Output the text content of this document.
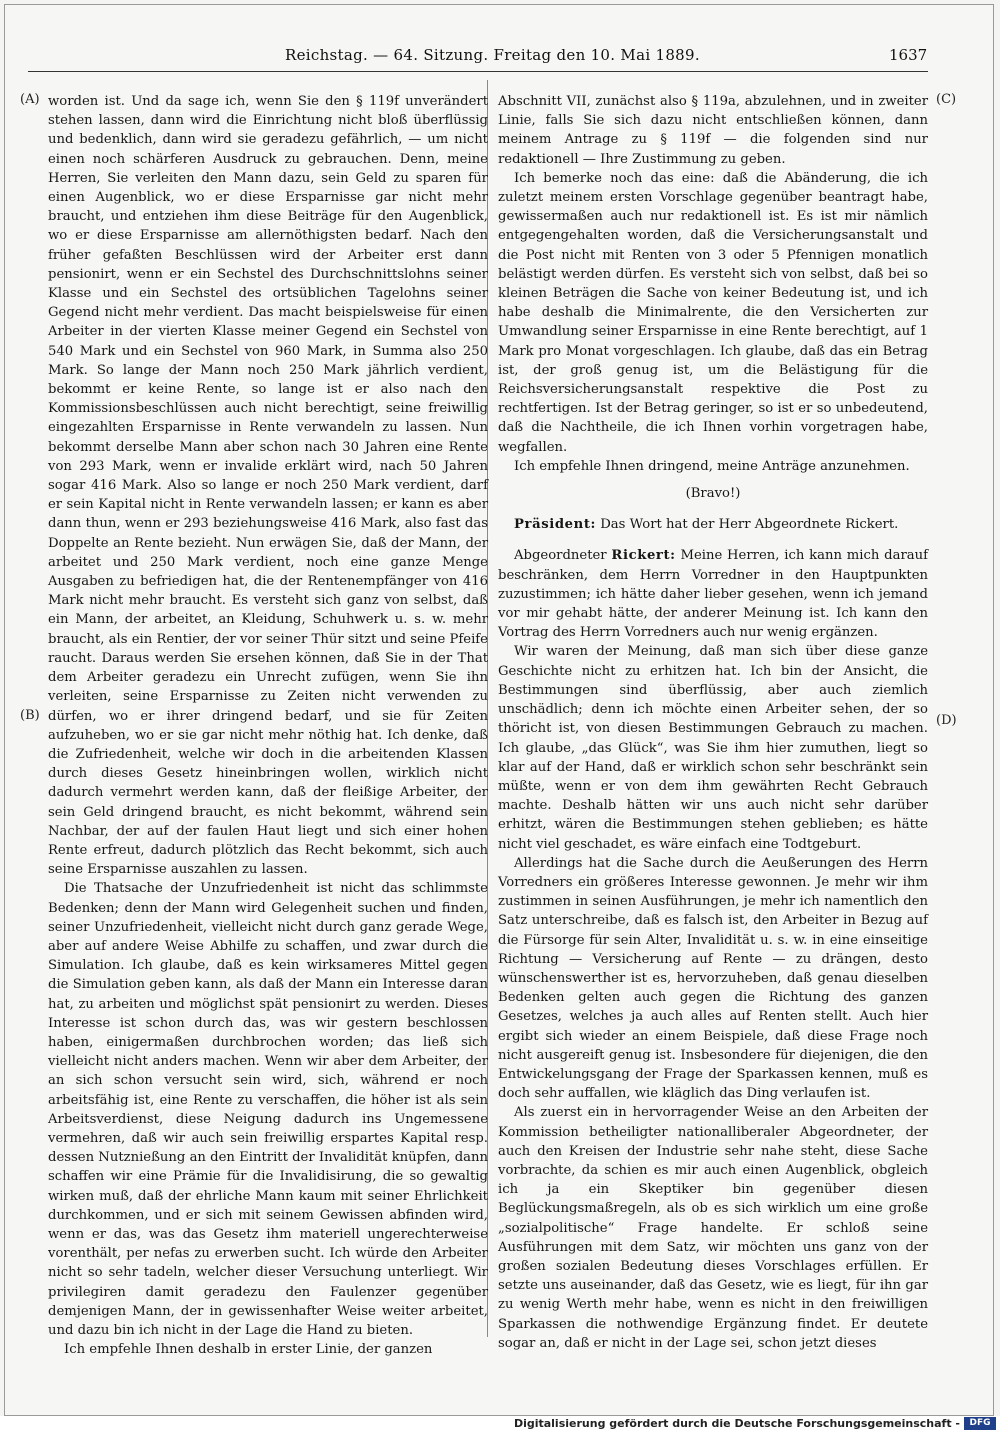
Reichstag. — 64. Sitzung. Freitag den 10. Mai 1889.	1637
(A)
(B)
(C)
(D)

worden ist. Und da sage ich, wenn Sie den § 119f unverändert stehen lassen, dann wird die Einrichtung nicht bloß überflüssig und bedenklich, dann wird sie geradezu gefährlich, — um nicht einen noch schärferen Ausdruck zu gebrauchen. Denn, meine Herren, Sie verleiten den Mann dazu, sein Geld zu sparen für einen Augenblick, wo er diese Ersparnisse gar nicht mehr braucht, und entziehen ihm diese Beiträge für den Augenblick, wo er diese Ersparnisse am allernöthigsten bedarf. Nach den früher gefaßten Beschlüssen wird der Arbeiter erst dann pensionirt, wenn er ein Sechstel des Durchschnittslohns seiner Klasse und ein Sechstel des ortsüblichen Tagelohns seiner Gegend nicht mehr verdient. Das macht beispielsweise für einen Arbeiter in der vierten Klasse meiner Gegend ein Sechstel von 540 Mark und ein Sechstel von 960 Mark, in Summa also 250 Mark. So lange der Mann noch 250 Mark jährlich verdient, bekommt er keine Rente, so lange ist er also nach den Kommissionsbeschlüssen auch nicht berechtigt, seine freiwillig eingezahlten Ersparnisse in Rente verwandeln zu lassen. Nun bekommt derselbe Mann aber schon nach 30 Jahren eine Rente von 293 Mark, wenn er invalide erklärt wird, nach 50 Jahren sogar 416 Mark. Also so lange er noch 250 Mark verdient, darf er sein Kapital nicht in Rente verwandeln lassen; er kann es aber dann thun, wenn er 293 beziehungsweise 416 Mark, also fast das Doppelte an Rente bezieht. Nun erwägen Sie, daß der Mann, der arbeitet und 250 Mark verdient, noch eine ganze Menge Ausgaben zu befriedigen hat, die der Rentenempfänger von 416 Mark nicht mehr braucht. Es versteht sich ganz von selbst, daß ein Mann, der arbeitet, an Kleidung, Schuhwerk u. s. w. mehr braucht, als ein Rentier, der vor seiner Thür sitzt und seine Pfeife raucht. Daraus werden Sie ersehen können, daß Sie in der That dem Arbeiter geradezu ein Unrecht zufügen, wenn Sie ihn verleiten, seine Ersparnisse zu Zeiten nicht verwenden zu dürfen, wo er ihrer dringend bedarf, und sie für Zeiten aufzuheben, wo er sie gar nicht mehr nöthig hat. Ich denke, daß die Zufriedenheit, welche wir doch in die arbeitenden Klassen durch dieses Gesetz hineinbringen wollen, wirklich nicht dadurch vermehrt werden kann, daß der fleißige Arbeiter, der sein Geld dringend braucht, es nicht bekommt, während sein Nachbar, der auf der faulen Haut liegt und sich einer hohen Rente erfreut, dadurch plötzlich das Recht bekommt, sich auch seine Ersparnisse auszahlen zu lassen.

Die Thatsache der Unzufriedenheit ist nicht das schlimmste Bedenken; denn der Mann wird Gelegenheit suchen und finden, seiner Unzufriedenheit, vielleicht nicht durch ganz gerade Wege, aber auf andere Weise Abhilfe zu schaffen, und zwar durch die Simulation. Ich glaube, daß es kein wirksameres Mittel gegen die Simulation geben kann, als daß der Mann ein Interesse daran hat, zu arbeiten und möglichst spät pensionirt zu werden. Dieses Interesse ist schon durch das, was wir gestern beschlossen haben, einigermaßen durchbrochen worden; das ließ sich vielleicht nicht anders machen. Wenn wir aber dem Arbeiter, der an sich schon versucht sein wird, sich, während er noch arbeitsfähig ist, eine Rente zu verschaffen, die höher ist als sein Arbeitsverdienst, diese Neigung dadurch ins Ungemessene vermehren, daß wir auch sein freiwillig erspartes Kapital resp. dessen Nutznießung an den Eintritt der Invalidität knüpfen, dann schaffen wir eine Prämie für die Invalidisirung, die so gewaltig wirken muß, daß der ehrliche Mann kaum mit seiner Ehrlichkeit durchkommen, und er sich mit seinem Gewissen abfinden wird, wenn er das, was das Gesetz ihm materiell ungerechterweise vorenthält, per nefas zu erwerben sucht. Ich würde den Arbeiter nicht so sehr tadeln, welcher dieser Versuchung unterliegt. Wir privilegiren damit geradezu den Faulenzer gegenüber demjenigen Mann, der in gewissenhafter Weise weiter arbeitet, und dazu bin ich nicht in der Lage die Hand zu bieten.

Ich empfehle Ihnen deshalb in erster Linie, der ganzen

Abschnitt VII, zunächst also § 119a, abzulehnen, und in zweiter Linie, falls Sie sich dazu nicht entschließen können, dann meinem Antrage zu § 119f — die folgenden sind nur redaktionell — Ihre Zustimmung zu geben.

Ich bemerke noch das eine: daß die Abänderung, die ich zuletzt meinem ersten Vorschlage gegenüber beantragt habe, gewissermaßen auch nur redaktionell ist. Es ist mir nämlich entgegengehalten worden, daß die Versicherungsanstalt und die Post nicht mit Renten von 3 oder 5 Pfennigen monatlich belästigt werden dürfen. Es versteht sich von selbst, daß bei so kleinen Beträgen die Sache von keiner Bedeutung ist, und ich habe deshalb die Minimalrente, die den Versicherten zur Umwandlung seiner Ersparnisse in eine Rente berechtigt, auf 1 Mark pro Monat vorgeschlagen. Ich glaube, daß das ein Betrag ist, der groß genug ist, um die Belästigung für die Reichsversicherungsanstalt respektive die Post zu rechtfertigen. Ist der Betrag geringer, so ist er so unbedeutend, daß die Nachtheile, die ich Ihnen vorhin vorgetragen habe, wegfallen.

Ich empfehle Ihnen dringend, meine Anträge anzunehmen.

(Bravo!)

Präsident: Das Wort hat der Herr Abgeordnete Rickert.

Abgeordneter Rickert: Meine Herren, ich kann mich darauf beschränken, dem Herrn Vorredner in den Hauptpunkten zuzustimmen; ich hätte daher lieber gesehen, wenn ich jemand vor mir gehabt hätte, der anderer Meinung ist. Ich kann den Vortrag des Herrn Vorredners auch nur wenig ergänzen.

Wir waren der Meinung, daß man sich über diese ganze Geschichte nicht zu erhitzen hat. Ich bin der Ansicht, die Bestimmungen sind überflüssig, aber auch ziemlich unschädlich; denn ich möchte einen Arbeiter sehen, der so thöricht ist, von diesen Bestimmungen Gebrauch zu machen. Ich glaube, „das Glück“, was Sie ihm hier zumuthen, liegt so klar auf der Hand, daß er wirklich schon sehr beschränkt sein müßte, wenn er von dem ihm gewährten Recht Gebrauch machte. Deshalb hätten wir uns auch nicht sehr darüber erhitzt, wären die Bestimmungen stehen geblieben; es hätte nicht viel geschadet, es wäre einfach eine Todtgeburt.

Allerdings hat die Sache durch die Aeußerungen des Herrn Vorredners ein größeres Interesse gewonnen. Je mehr wir ihm zustimmen in seinen Ausführungen, je mehr ich namentlich den Satz unterschreibe, daß es falsch ist, den Arbeiter in Bezug auf die Fürsorge für sein Alter, Invalidität u. s. w. in eine einseitige Richtung — Versicherung auf Rente — zu drängen, desto wünschenswerther ist es, hervorzuheben, daß genau dieselben Bedenken gelten auch gegen die Richtung des ganzen Gesetzes, welches ja auch alles auf Renten stellt. Auch hier ergibt sich wieder an einem Beispiele, daß diese Frage noch nicht ausgereift genug ist. Insbesondere für diejenigen, die den Entwickelungsgang der Frage der Sparkassen kennen, muß es doch sehr auffallen, wie kläglich das Ding verlaufen ist.

Als zuerst ein in hervorragender Weise an den Arbeiten der Kommission betheiligter nationalliberaler Abgeordneter, der auch den Kreisen der Industrie sehr nahe steht, diese Sache vorbrachte, da schien es mir auch einen Augenblick, obgleich ich ja ein Skeptiker bin gegenüber diesen Beglückungsmaßregeln, als ob es sich wirklich um eine große „sozialpolitische“ Frage handelte. Er schloß seine Ausführungen mit dem Satz, wir möchten uns ganz von der großen sozialen Bedeutung dieses Vorschlages erfüllen. Er setzte uns auseinander, daß das Gesetz, wie es liegt, für ihn gar zu wenig Werth mehr habe, wenn es nicht in den freiwilligen Sparkassen die nothwendige Ergänzung findet. Er deutete sogar an, daß er nicht in der Lage sei, schon jetzt dieses

Digitalisierung gefördert durch die Deutsche Forschungsgemeinschaft -	DFG
